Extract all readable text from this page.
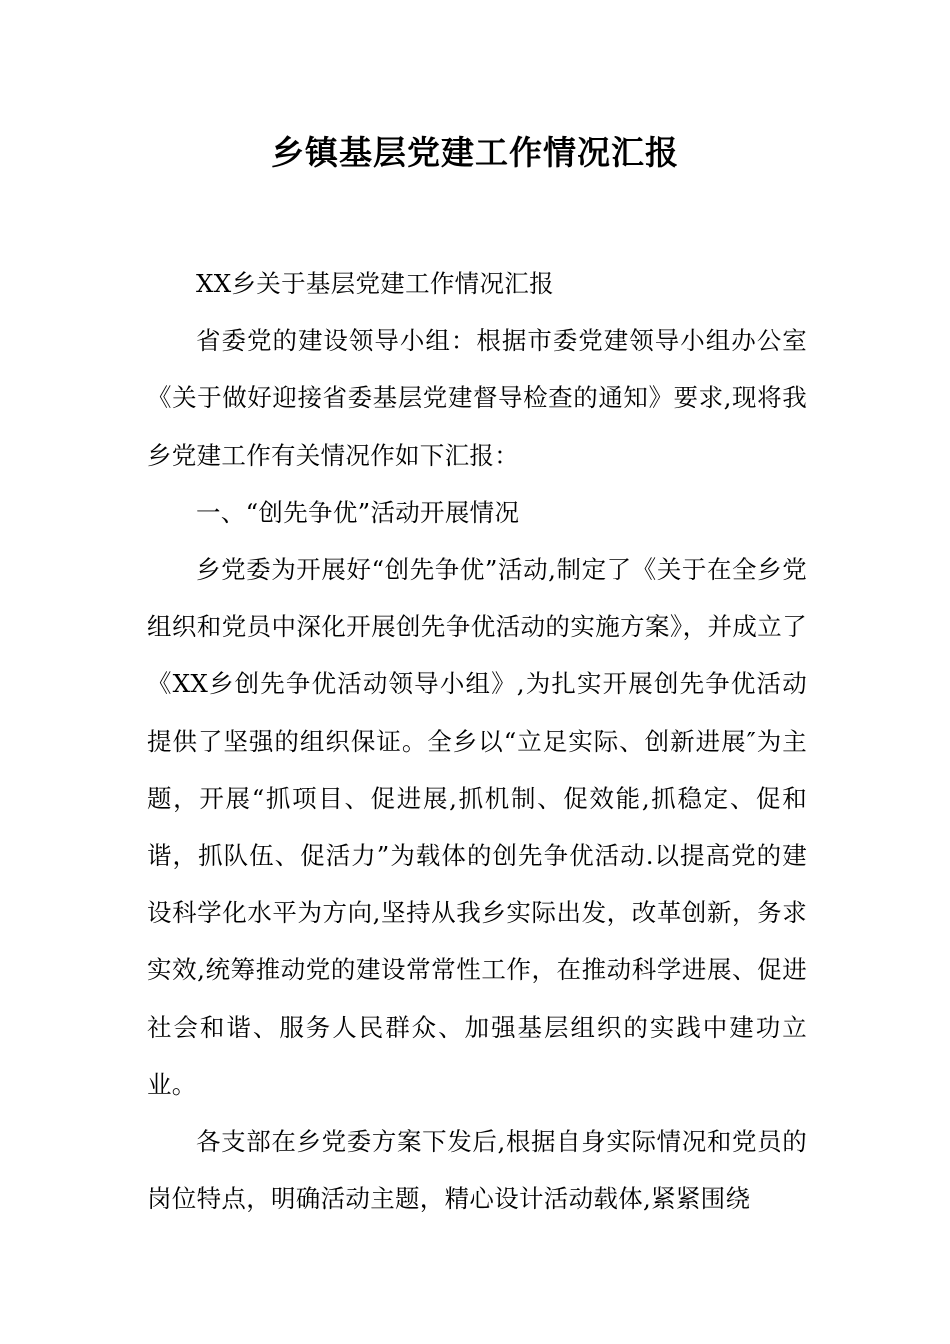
乡镇基层党建工作情况汇报

XX乡关于基层党建工作情况汇报

省委党的建设领导小组：根据市委党建领导小组办公室《关于做好迎接省委基层党建督导检查的通知》要求,现将我乡党建工作有关情况作如下汇报：

一、“创先争优”活动开展情况

乡党委为开展好“创先争优”活动,制定了《关于在全乡党组织和党员中深化开展创先争优活动的实施方案》，并成立了《XX乡创先争优活动领导小组》,为扎实开展创先争优活动提供了坚强的组织保证。全乡以“立足实际、创新进展″为主题，开展“抓项目、促进展,抓机制、促效能,抓稳定、促和谐，抓队伍、促活力”为载体的创先争优活动.以提高党的建设科学化水平为方向,坚持从我乡实际出发，改革创新，务求实效,统筹推动党的建设常常性工作，在推动科学进展、促进社会和谐、服务人民群众、加强基层组织的实践中建功立业。

各支部在乡党委方案下发后,根据自身实际情况和党员的岗位特点，明确活动主题，精心设计活动载体,紧紧围绕
